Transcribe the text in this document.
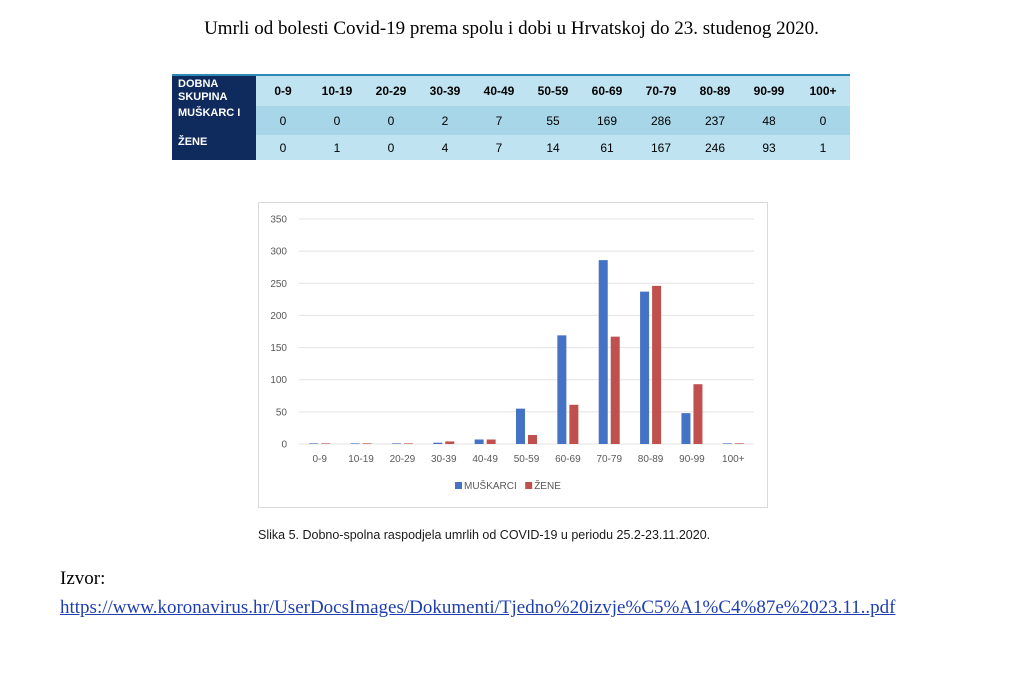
Umrli od bolesti Covid-19 prema spolu i dobi u Hrvatskoj do 23. studenog 2020.
DOBNA SKUPINA	0-9	10-19	20-29	30-39	40-49	50-59	60-69	70-79	80-89	90-99	100+
MUŠKARC I	0	0	0	2	7	55	169	286	237	48	0
ŽENE	0	1	0	4	7	14	61	167	246	93	1
0
50
100
150
200
250
300
350
0-9 10-19 20-29 30-39 40-49 50-59 60-69 70-79 80-89 90-99 100+
MUŠKARCI ŽENE
Slika 5. Dobno-spolna raspodjela umrlih od COVID-19 u periodu 25.2-23.11.2020.
Izvor:
https://www.koronavirus.hr/UserDocsImages/Dokumenti/Tjedno%20izvje%C5%A1%C4%87e%2023.11..pdf
